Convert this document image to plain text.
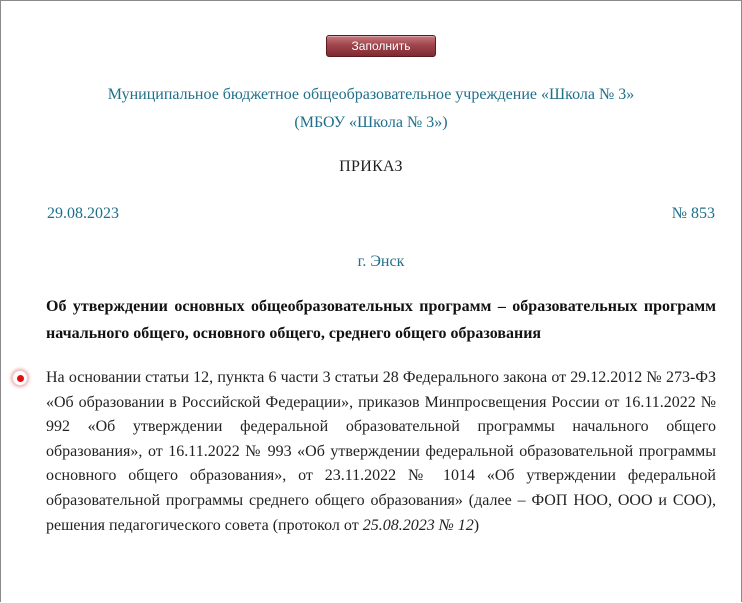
Заполнить
Муниципальное бюджетное общеобразовательное учреждение «Школа № 3»
(МБОУ «Школа № 3»)
ПРИКАЗ
29.08.2023	№ 853
г. Энск
Об утверждении основных общеобразовательных программ – образовательных программ начального общего, основного общего, среднего общего образования
На основании статьи 12, пункта 6 части 3 статьи 28 Федерального закона от 29.12.2012 № 273-ФЗ «Об образовании в Российской Федерации», приказов Минпросвещения России от 16.11.2022 № 992 «Об утверждении федеральной образовательной программы начального общего образования», от 16.11.2022 № 993 «Об утверждении федеральной образовательной программы основного общего образования», от 23.11.2022 № 1014 «Об утверждении федеральной образовательной программы среднего общего образования» (далее – ФОП НОО, ООО и СОО), решения педагогического совета (протокол от 25.08.2023 № 12)
